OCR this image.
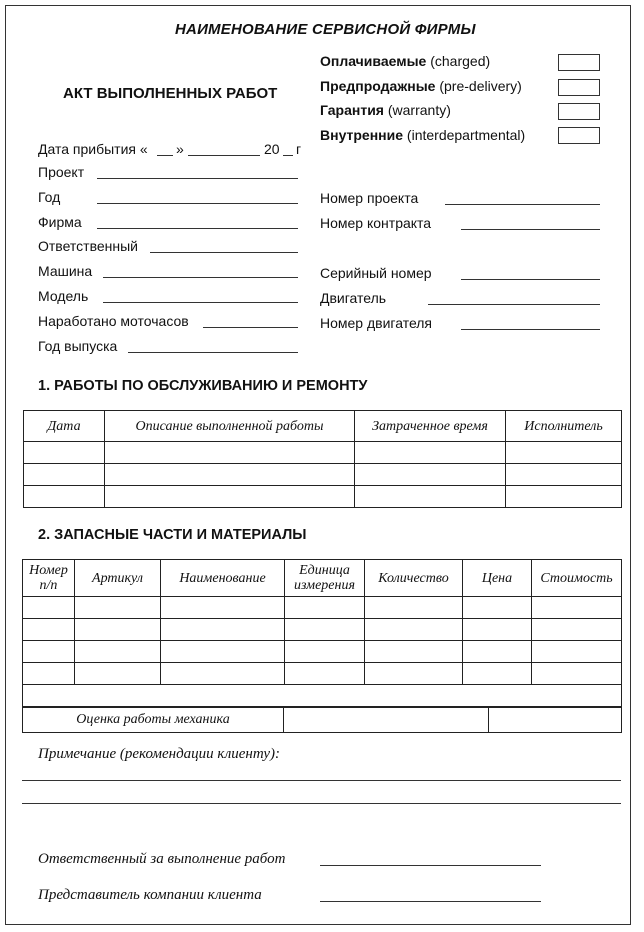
НАИМЕНОВАНИЕ СЕРВИСНОЙ ФИРМЫ
АКТ ВЫПОЛНЕННЫХ РАБОТ
Оплачиваемые (charged)
Предпродажные (pre-delivery)
Гарантия (warranty)
Внутренние (interdepartmental)
Дата прибытия « »	20 г
Проект
Год
Фирма
Ответственный
Машина
Модель
Наработано моточасов
Год выпуска
Номер проекта
Номер контракта
Серийный номер
Двигатель
Номер двигателя
1. РАБОТЫ ПО ОБСЛУЖИВАНИЮ И РЕМОНТУ
Дата	Описание выполненной работы	Затраченное время	Исполнитель

2. ЗАПАСНЫЕ ЧАСТИ И МАТЕРИАЛЫ
Номер п/п	Артикул	Наименование	Единица измерения	Количество	Цена	Стоимость

Оценка работы механика		
Примечание (рекомендации клиенту):
Ответственный за выполнение работ
Представитель компании клиента
